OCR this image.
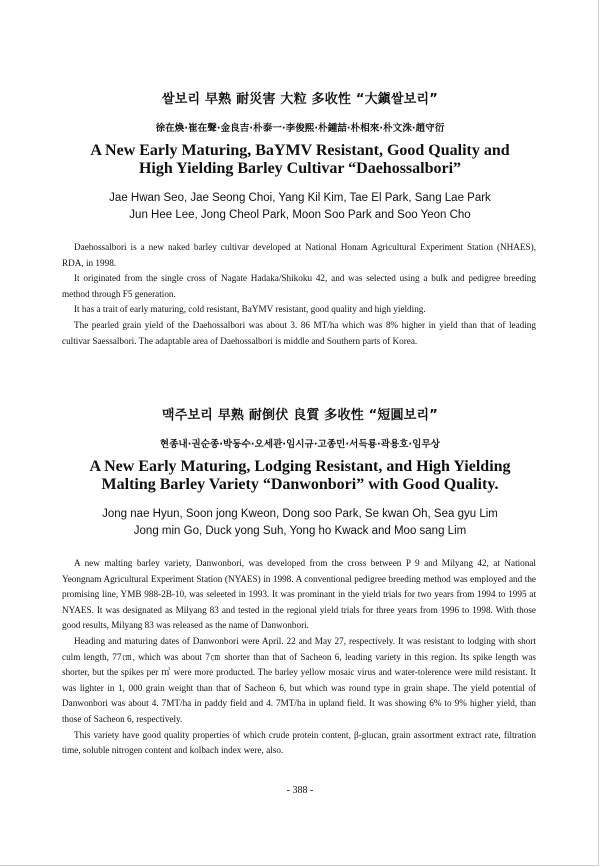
쌀보리 早熟 耐災害 大粒 多收性 “大鎭쌀보리”
徐在煥·崔在聲·金良吉·朴泰一·李俊熙·朴鍾喆·朴相來·朴文洙·趙守衍
A New Early Maturing, BaYMV Resistant, Good Quality and
High Yielding Barley Cultivar “Daehossalbori”
Jae Hwan Seo, Jae Seong Choi, Yang Kil Kim, Tae El Park, Sang Lae Park
Jun Hee Lee, Jong Cheol Park, Moon Soo Park and Soo Yeon Cho

Daehossalbori is a new naked barley cultivar developed at National Honam Agricultural Experiment Station (NHAES), RDA, in 1998.

It originated from the single cross of Nagate Hadaka/Shikoku 42, and was selected using a bulk and pedigree breeding method through F5 generation.

It has a trait of early maturing, cold resistant, BaYMV resistant, good quality and high yielding.

The pearled grain yield of the Daehossalbori was about 3. 86 MT/ha which was 8% higher in yield than that of leading cultivar Saessalbori. The adaptable area of Daehossalbori is middle and Southern parts of Korea.

맥주보리 早熟 耐倒伏 良質 多收性 “短圓보리”
현종내·권순종·박동수·오세관·임시규·고종민·서득룡·곽용호·임무상
A New Early Maturing, Lodging Resistant, and High Yielding
Malting Barley Variety “Danwonbori” with Good Quality.
Jong nae Hyun, Soon jong Kweon, Dong soo Park, Se kwan Oh, Sea gyu Lim
Jong min Go, Duck yong Suh, Yong ho Kwack and Moo sang Lim

A new malting barley variety, Danwonbori, was developed from the cross between P 9 and Milyang 42, at National Yeongnam Agricultural Experiment Station (NYAES) in 1998. A conventional pedigree breeding method was employed and the promising line, YMB 988-2B-10, was seleeted in 1993. It was prominant in the yield trials for two years from 1994 to 1995 at NYAES. It was designated as Milyang 83 and tested in the regional yield trials for three years from 1996 to 1998. With those good results, Milyang 83 was released as the name of Danwonbori.

Heading and maturing dates of Danwonbori were April. 22 and May 27, respectively. It was resistant to lodging with short culm length, 77㎝, which was about 7㎝ shorter than that of Sacheon 6, leading variety in this region. Its spike length was shorter, but the spikes per ㎡ were more producted. The barley yellow mosaic virus and water-tolerence were mild resistant. It was lighter in 1, 000 grain weight than that of Sacheon 6, but which was round type in grain shape. The yield potential of Danwonbori was about 4. 7MT/ha in paddy field and 4. 7MT/ha in upland field. It was showing 6% to 9% higher yield, than those of Sacheon 6, respectively.

This variety have good quality properties of which crude protein content, β-glucan, grain assortment extract rate, filtration time, soluble nitrogen content and kolbach index were, also.

- 388 -
